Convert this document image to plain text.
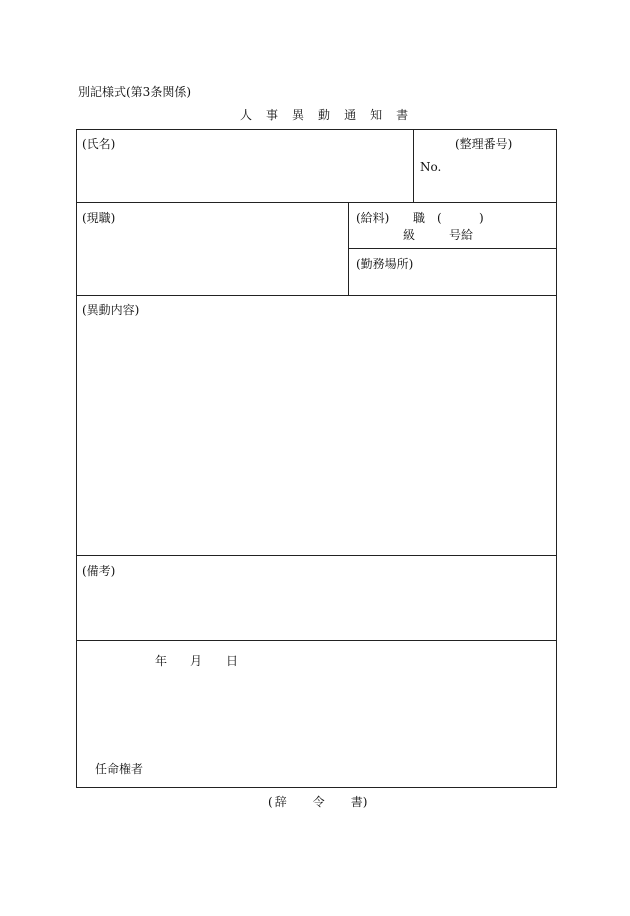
別記様式(第3条関係)
人 事 異 動 通 知 書
(氏名)	(整理番号)
No.
(現職)	(給料) 職 (	)
級	号給
(勤務場所)
(異動内容)
(備考)
年 月 日
任命権者
( 辞 令 書)
